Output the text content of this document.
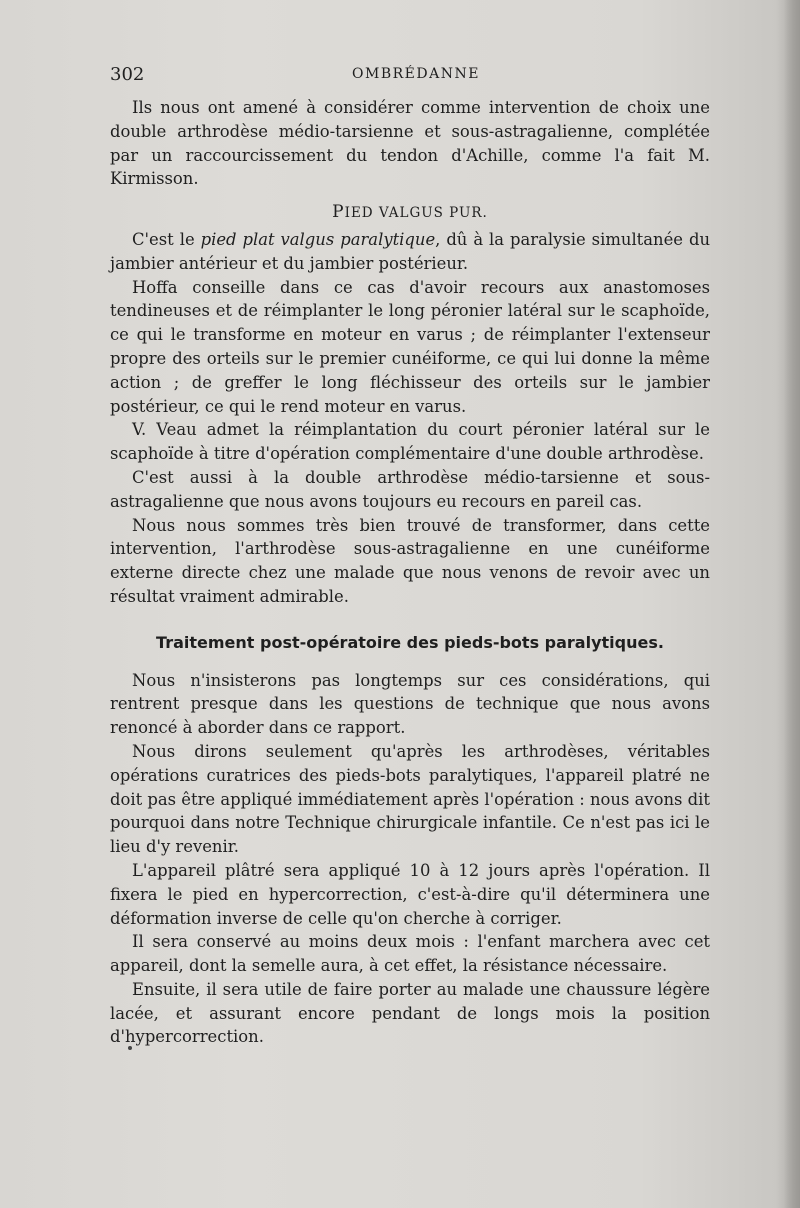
302	OMBRÉDANNE

Ils nous ont amené à considérer comme intervention de choix une double arthrodèse médio-tarsienne et sous-astragalienne, complétée par un raccourcissement du tendon d'Achille, comme l'a fait M. Kirmisson.

PIED VALGUS PUR.

C'est le pied plat valgus paralytique, dû à la paralysie simultanée du jambier antérieur et du jambier postérieur.

Hoffa conseille dans ce cas d'avoir recours aux anastomoses tendineuses et de réimplanter le long péronier latéral sur le scaphoïde, ce qui le transforme en moteur en varus ; de réimplanter l'extenseur propre des orteils sur le premier cunéiforme, ce qui lui donne la même action ; de greffer le long fléchisseur des orteils sur le jambier postérieur, ce qui le rend moteur en varus.

V. Veau admet la réimplantation du court péronier latéral sur le scaphoïde à titre d'opération complémentaire d'une double arthrodèse.

C'est aussi à la double arthrodèse médio-tarsienne et sous-astragalienne que nous avons toujours eu recours en pareil cas.

Nous nous sommes très bien trouvé de transformer, dans cette intervention, l'arthrodèse sous-astragalienne en une cunéiforme externe directe chez une malade que nous venons de revoir avec un résultat vraiment admirable.

Traitement post-opératoire des pieds-bots paralytiques.

Nous n'insisterons pas longtemps sur ces considérations, qui rentrent presque dans les questions de technique que nous avons renoncé à aborder dans ce rapport.

Nous dirons seulement qu'après les arthrodèses, véritables opérations curatrices des pieds-bots paralytiques, l'appareil platré ne doit pas être appliqué immédiatement après l'opération : nous avons dit pourquoi dans notre Technique chirurgicale infantile. Ce n'est pas ici le lieu d'y revenir.

L'appareil plâtré sera appliqué 10 à 12 jours après l'opération. Il fixera le pied en hypercorrection, c'est-à-dire qu'il déterminera une déformation inverse de celle qu'on cherche à corriger.

Il sera conservé au moins deux mois : l'enfant marchera avec cet appareil, dont la semelle aura, à cet effet, la résistance nécessaire.

Ensuite, il sera utile de faire porter au malade une chaussure légère lacée, et assurant encore pendant de longs mois la position d'hypercorrection.
